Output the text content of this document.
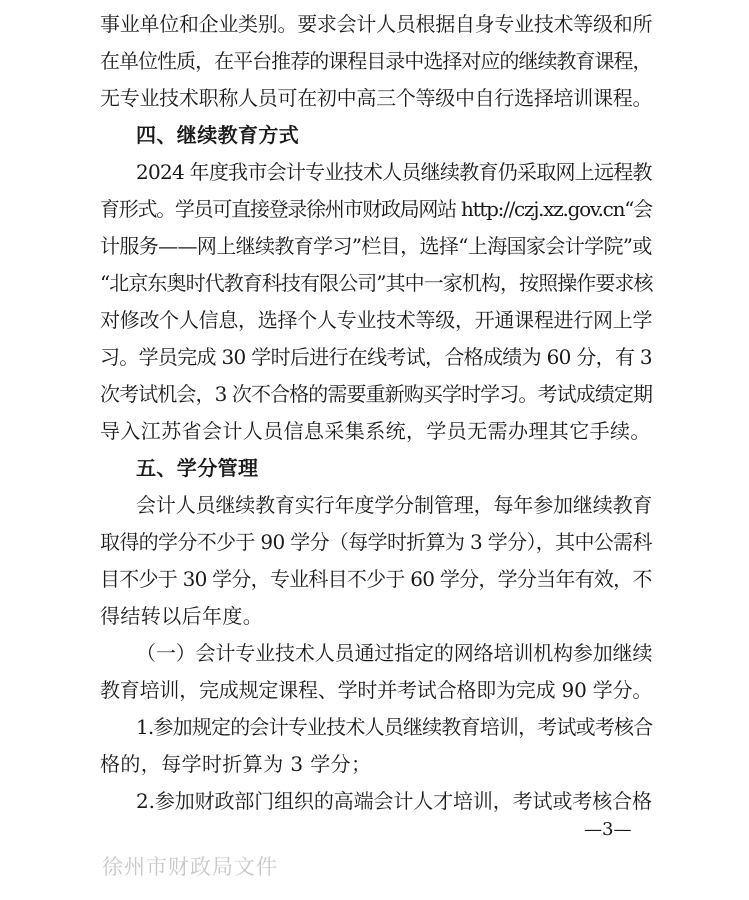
事业单位和企业类别。要求会计人员根据自身专业技术等级和所
在单位性质，在平台推荐的课程目录中选择对应的继续教育课程，
无专业技术职称人员可在初中高三个等级中自行选择培训课程。
四、继续教育方式
2024 年度我市会计专业技术人员继续教育仍采取网上远程教
育形式。学员可直接登录徐州市财政局网站 http://czj.xz.gov.cn“会
计服务——网上继续教育学习”栏目，选择“上海国家会计学院”或
“北京东奥时代教育科技有限公司”其中一家机构，按照操作要求核
对修改个人信息，选择个人专业技术等级，开通课程进行网上学
习。学员完成 30 学时后进行在线考试，合格成绩为 60 分，有 3
次考试机会，3 次不合格的需要重新购买学时学习。考试成绩定期
导入江苏省会计人员信息采集系统，学员无需办理其它手续。
五、学分管理
会计人员继续教育实行年度学分制管理，每年参加继续教育
取得的学分不少于 90 学分（每学时折算为 3 学分），其中公需科
目不少于 30 学分，专业科目不少于 60 学分，学分当年有效，不
得结转以后年度。
（一）会计专业技术人员通过指定的网络培训机构参加继续
教育培训，完成规定课程、学时并考试合格即为完成 90 学分。
1.参加规定的会计专业技术人员继续教育培训，考试或考核合
格的，每学时折算为 3 学分；
2.参加财政部门组织的高端会计人才培训，考试或考核合格
—3—
徐州市财政局文件
